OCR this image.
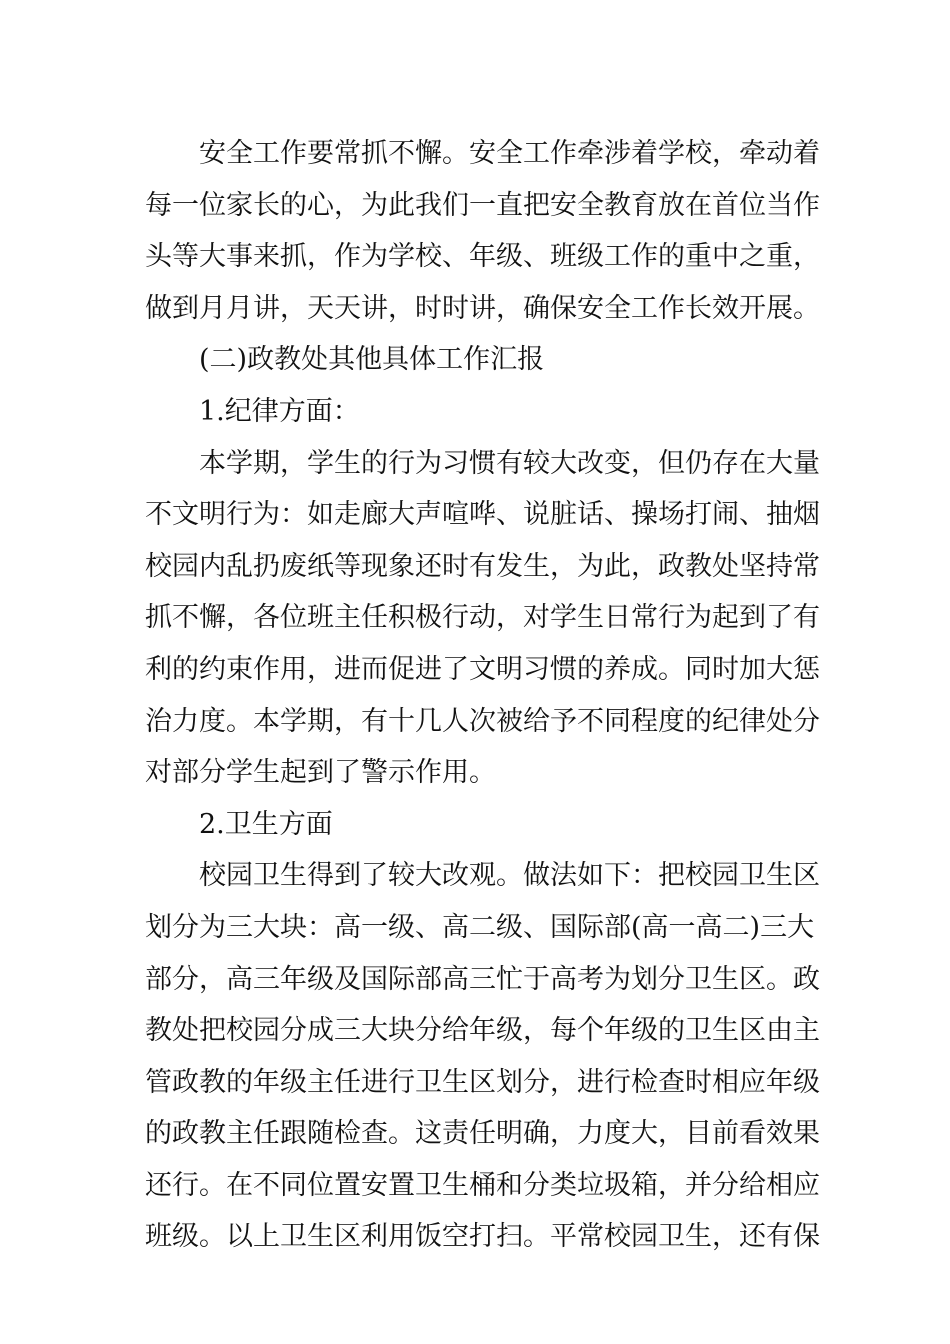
安全工作要常抓不懈。安全工作牵涉着学校，牵动着
每一位家长的心，为此我们一直把安全教育放在首位当作
头等大事来抓，作为学校、年级、班级工作的重中之重，
做到月月讲，天天讲，时时讲，确保安全工作长效开展。
(二)政教处其他具体工作汇报
1.纪律方面：
本学期，学生的行为习惯有较大改变，但仍存在大量
不文明行为：如走廊大声喧哗、说脏话、操场打闹、抽烟
校园内乱扔废纸等现象还时有发生，为此，政教处坚持常
抓不懈，各位班主任积极行动，对学生日常行为起到了有
利的约束作用，进而促进了文明习惯的养成。同时加大惩
治力度。本学期，有十几人次被给予不同程度的纪律处分
对部分学生起到了警示作用。
2.卫生方面
校园卫生得到了较大改观。做法如下：把校园卫生区
划分为三大块：高一级、高二级、国际部(高一高二)三大
部分，高三年级及国际部高三忙于高考为划分卫生区。政
教处把校园分成三大块分给年级，每个年级的卫生区由主
管政教的年级主任进行卫生区划分，进行检查时相应年级
的政教主任跟随检查。这责任明确，力度大，目前看效果
还行。在不同位置安置卫生桶和分类垃圾箱，并分给相应
班级。以上卫生区利用饭空打扫。平常校园卫生，还有保
